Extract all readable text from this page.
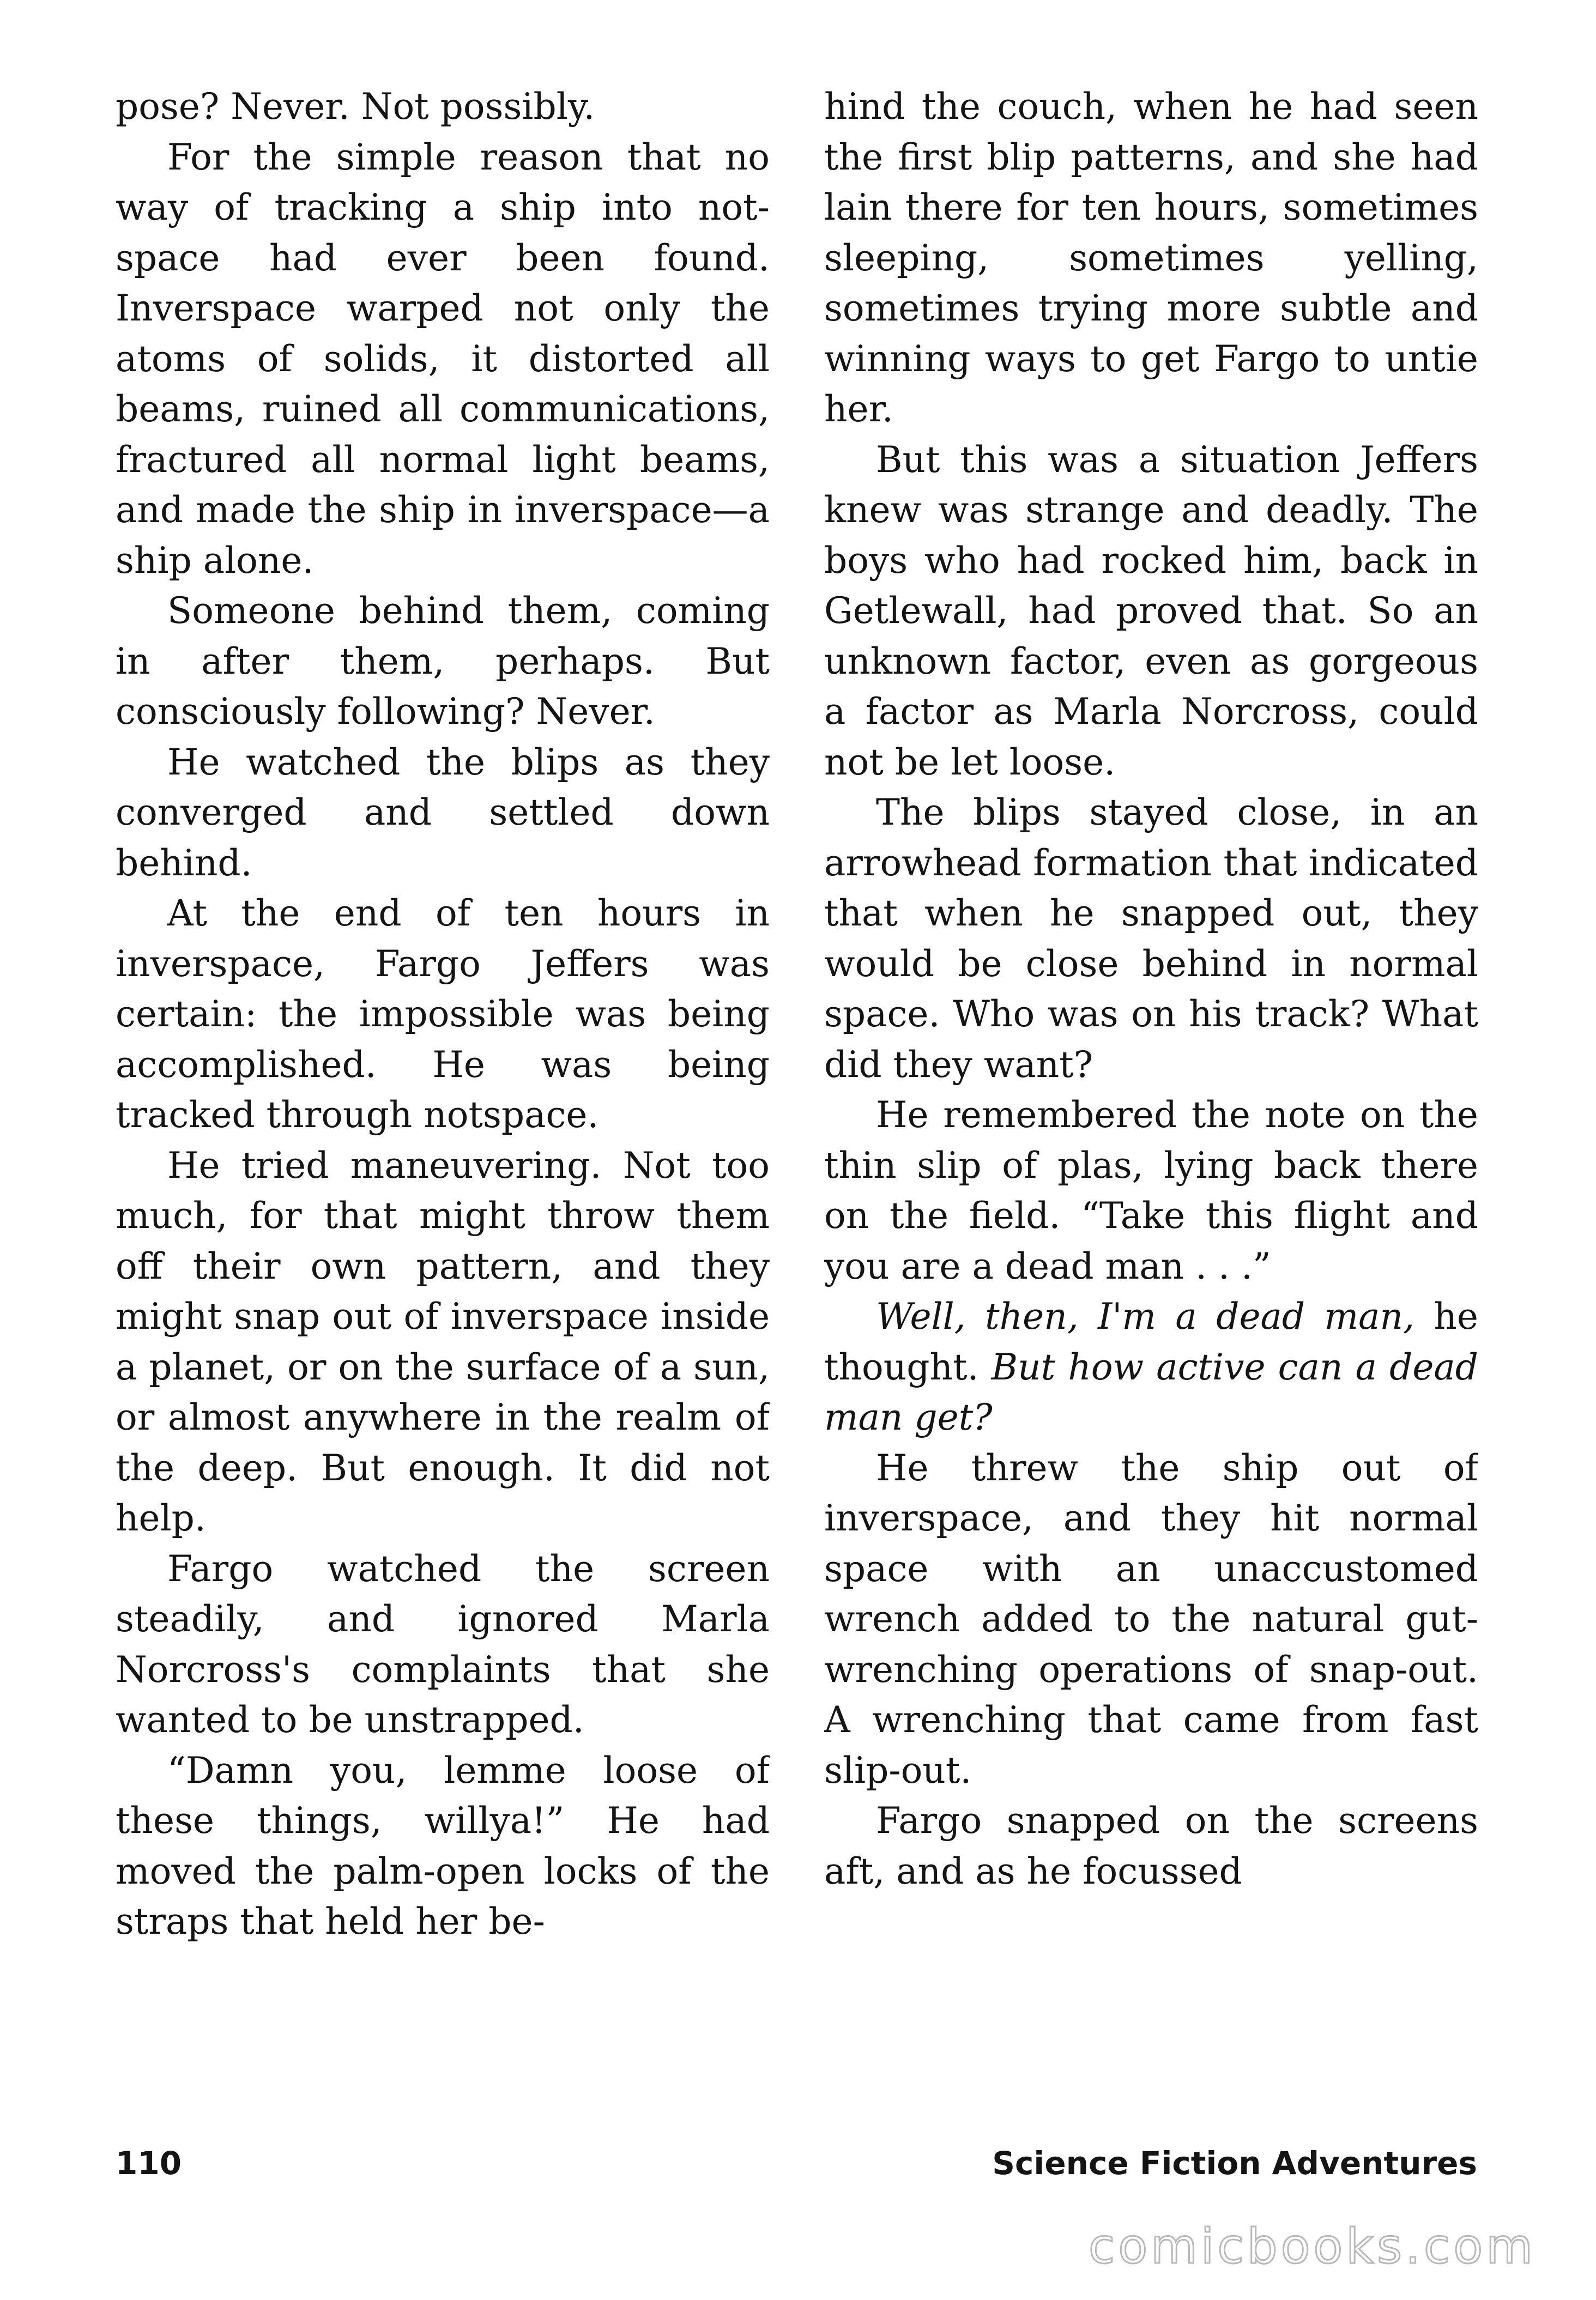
pose? Never. Not possibly.

For the simple reason that no way of tracking a ship into not-space had ever been found. Inverspace warped not only the atoms of solids, it distorted all beams, ruined all communications, fractured all normal light beams, and made the ship in inverspace—a ship alone.

Someone behind them, coming in after them, perhaps. But consciously following? Never.

He watched the blips as they converged and settled down behind.

At the end of ten hours in inverspace, Fargo Jeffers was certain: the impossible was being accomplished. He was being tracked through notspace.

He tried maneuvering. Not too much, for that might throw them off their own pattern, and they might snap out of inverspace inside a planet, or on the surface of a sun, or almost anywhere in the realm of the deep. But enough. It did not help.

Fargo watched the screen steadily, and ignored Marla Norcross's complaints that she wanted to be unstrapped.

“Damn you, lemme loose of these things, willya!” He had moved the palm-open locks of the straps that held her be-

hind the couch, when he had seen the first blip patterns, and she had lain there for ten hours, sometimes sleeping, sometimes yelling, sometimes trying more subtle and winning ways to get Fargo to untie her.

But this was a situation Jeffers knew was strange and deadly. The boys who had rocked him, back in Getlewall, had proved that. So an unknown factor, even as gorgeous a factor as Marla Norcross, could not be let loose.

The blips stayed close, in an arrowhead formation that indicated that when he snapped out, they would be close behind in normal space. Who was on his track? What did they want?

He remembered the note on the thin slip of plas, lying back there on the field. “Take this flight and you are a dead man . . .”

Well, then, I'm a dead man, he thought. But how active can a dead man get?

He threw the ship out of inverspace, and they hit normal space with an unaccustomed wrench added to the natural gut-wrenching operations of snap-out. A wrenching that came from fast slip-out.

Fargo snapped on the screens aft, and as he focussed

110	Science Fiction Adventures
comicbooks.com
